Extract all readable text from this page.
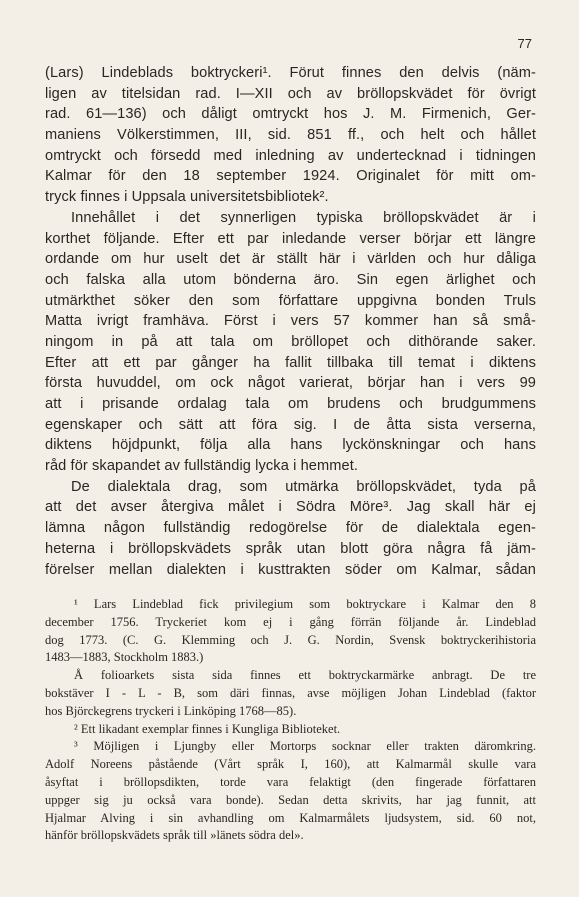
77
(Lars) Lindeblads boktryckeri¹. Förut finnes den delvis (näm-
ligen av titelsidan rad. I—XII och av bröllopskvädet för övrigt
rad. 61—136) och dåligt omtryckt hos J. M. Firmenich, Ger-
maniens Völkerstimmen, III, sid. 851 ff., och helt och hållet
omtryckt och försedd med inledning av undertecknad i tidningen
Kalmar för den 18 september 1924. Originalet för mitt om-
tryck finnes i Uppsala universitetsbibliotek².
Innehållet i det synnerligen typiska bröllopskvädet är i
korthet följande. Efter ett par inledande verser börjar ett längre
ordande om hur uselt det är ställt här i världen och hur dåliga
och falska alla utom bönderna äro. Sin egen ärlighet och
utmärkthet söker den som författare uppgivna bonden Truls
Matta ivrigt framhäva. Först i vers 57 kommer han så små-
ningom in på att tala om bröllopet och dithörande saker.
Efter att ett par gånger ha fallit tillbaka till temat i diktens
första huvuddel, om ock något varierat, börjar han i vers 99
att i prisande ordalag tala om brudens och brudgummens
egenskaper och sätt att föra sig. I de åtta sista verserna,
diktens höjdpunkt, följa alla hans lyckönskningar och hans
råd för skapandet av fullständig lycka i hemmet.
De dialektala drag, som utmärka bröllopskvädet, tyda på
att det avser återgiva målet i Södra Möre³. Jag skall här ej
lämna någon fullständig redogörelse för de dialektala egen-
heterna i bröllopskvädets språk utan blott göra några få jäm-
förelser mellan dialekten i kusttrakten söder om Kalmar, sådan
¹ Lars Lindeblad fick privilegium som boktryckare i Kalmar den 8
december 1756. Tryckeriet kom ej i gång förrän följande år. Lindeblad
dog 1773. (C. G. Klemming och J. G. Nordin, Svensk boktryckerihistoria
1483—1883, Stockholm 1883.)
Å folioarkets sista sida finnes ett boktryckarmärke anbragt. De tre
bokstäver I - L - B, som däri finnas, avse möjligen Johan Lindeblad (faktor
hos Björckegrens tryckeri i Linköping 1768—85).
² Ett likadant exemplar finnes i Kungliga Biblioteket.
³ Möjligen i Ljungby eller Mortorps socknar eller trakten däromkring.
Adolf Noreens påstående (Vårt språk I, 160), att Kalmarmål skulle vara
åsyftat i bröllopsdikten, torde vara felaktigt (den fingerade författaren
uppger sig ju också vara bonde). Sedan detta skrivits, har jag funnit, att
Hjalmar Alving i sin avhandling om Kalmarmålets ljudsystem, sid. 60 not,
hänför bröllopskvädets språk till »länets södra del».
